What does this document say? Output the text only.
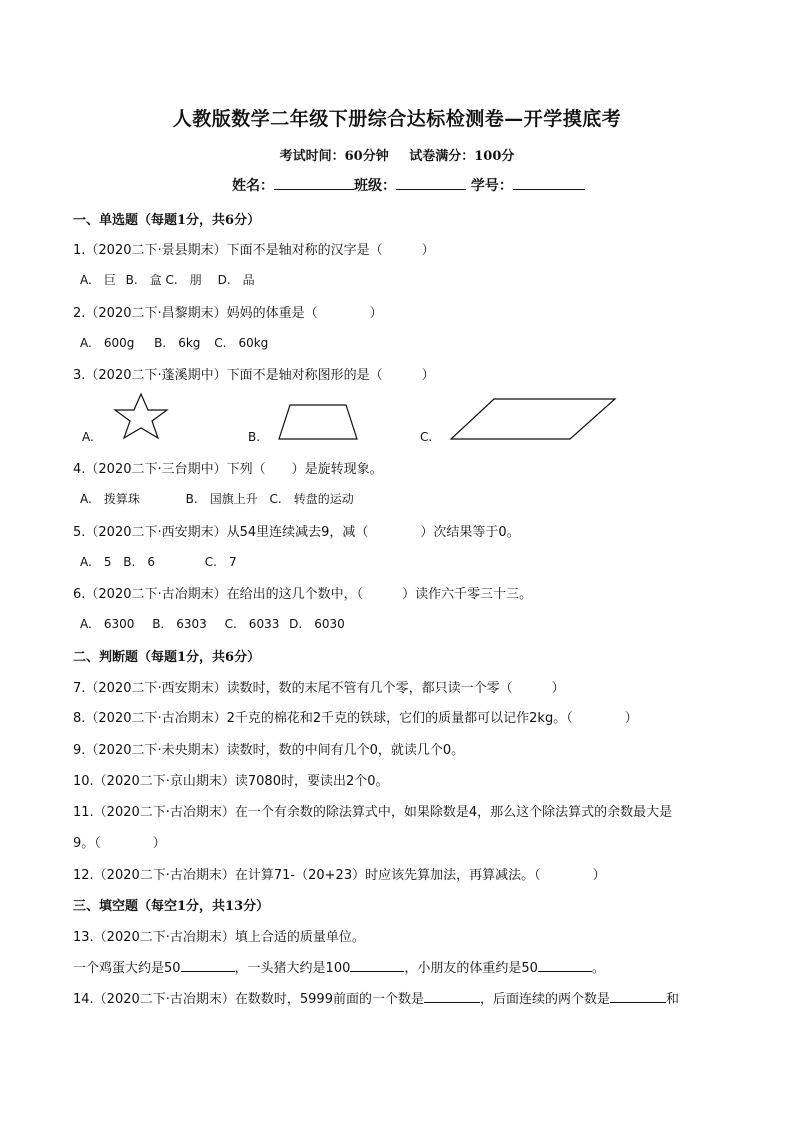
人教版数学二年级下册综合达标检测卷—开学摸底考
考试时间：60分钟 试卷满分：100分
姓名：	班级：	学号：
一、单选题（每题1分，共6分）
1.（2020二下·景县期末）下面不是轴对称的汉字是（　　　）
A.　巨 B.　盒 C.　朋 D.　品
2.（2020二下·昌黎期末）妈妈的体重是（　　　　）
A.　600g B.　6kg C.　60kg
3.（2020二下·蓬溪期中）下面不是轴对称图形的是（　　　）
A.	B.	C.
4.（2020二下·三台期中）下列（　　）是旋转现象。
A.　拨算珠	B.　国旗上升 C.　转盘的运动
5.（2020二下·西安期末）从54里连续减去9，减（　　　　）次结果等于0。
A.　5 B.　6	C.　7
6.（2020二下·古冶期末）在给出的这几个数中，（　　　）读作六千零三十三。
A.　6300 B.　6303 C.　6033 D.　6030
二、判断题（每题1分，共6分）
7.（2020二下·西安期末）读数时，数的末尾不管有几个零，都只读一个零（　　　）
8.（2020二下·古冶期末）2千克的棉花和2千克的铁球，它们的质量都可以记作2kg。（　　　　）
9.（2020二下·未央期末）读数时，数的中间有几个0，就读几个0。
10.（2020二下·京山期末）读7080时，要读出2个0。
11.（2020二下·古冶期末）在一个有余数的除法算式中，如果除数是4，那么这个除法算式的余数最大是
9。（　　　　）
12.（2020二下·古冶期末）在计算71-（20+23）时应该先算加法，再算减法。（　　　　）
三、填空题（每空1分，共13分）
13.（2020二下·古冶期末）填上合适的质量单位。
一个鸡蛋大约是50	，一头猪大约是100	，小朋友的体重约是50	。
14.（2020二下·古冶期末）在数数时，5999前面的一个数是	，后面连续的两个数是	和
